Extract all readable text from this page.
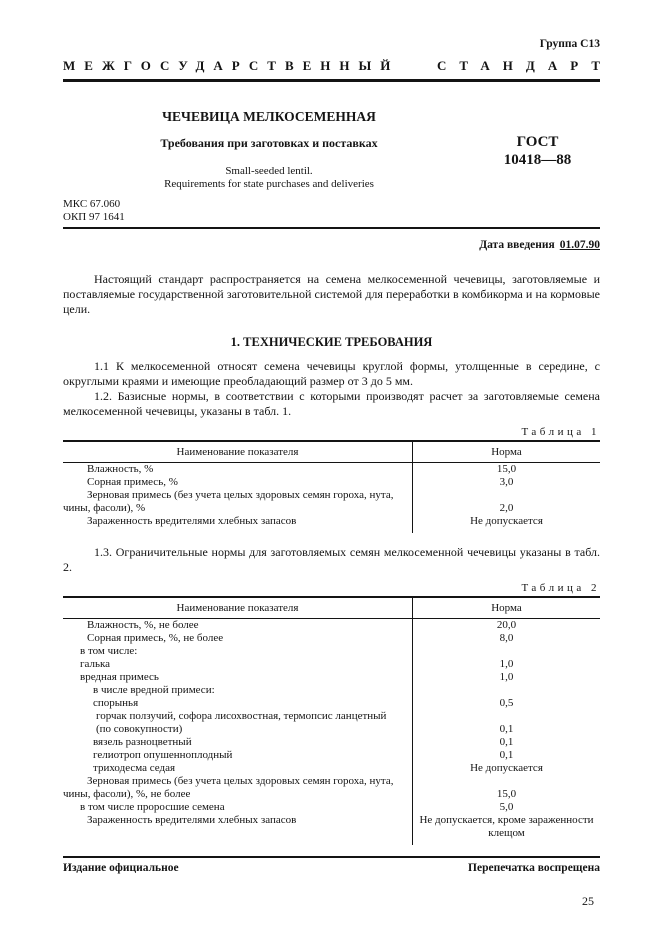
Группа С13
МЕЖГОСУДАРСТВЕННЫЙ	СТАНДАРТ
ЧЕЧЕВИЦА МЕЛКОСЕМЕННАЯ
Требования при заготовках и поставках
Small-seeded lentil.
Requirements for state purchases and deliveries
ГОСТ
10418—88
МКС 67.060
ОКП 97 1641
Дата введения 01.07.90

Настоящий стандарт распространяется на семена мелкосеменной чечевицы, заготовляемые и поставляемые государственной заготовительной системой для переработки в комбикорма и на кормовые цели.

1. ТЕХНИЧЕСКИЕ ТРЕБОВАНИЯ

1.1 К мелкосеменной относят семена чечевицы круглой формы, утолщенные в середине, с округлыми краями и имеющие преобладающий размер от 3 до 5 мм.

1.2. Базисные нормы, в соответствии с которыми производят расчет за заготовляемые семена мелкосеменной чечевицы, указаны в табл. 1.

Таблица 1
Наименование показателя	Норма
Влажность, %	15,0
Сорная примесь, %	3,0
Зерновая примесь (без учета целых здоровых семян гороха, нута, чины, фасоли), %	2,0
Зараженность вредителями хлебных запасов	Не допускается

1.3. Ограничительные нормы для заготовляемых семян мелкосеменной чечевицы указаны в табл. 2.

Таблица 2
Наименование показателя	Норма
Влажность, %, не более	20,0
Сорная примесь, %, не более	8,0
в том числе:
галька	1,0
вредная примесь	1,0
в числе вредной примеси:
спорынья	0,5
горчак ползучий, софора лисохвостная, термопсис ланцетный (по совокупности)	0,1
вязель разноцветный	0,1
гелиотроп опушенноплодный	0,1
триходесма седая	Не допускается
Зерновая примесь (без учета целых здоровых семян гороха, нута, чины, фасоли), %, не более	15,0
в том числе проросшие семена	5,0
Зараженность вредителями хлебных запасов	Не допускается, кроме зараженности клещом
Издание официальное	Перепечатка воспрещена
25
